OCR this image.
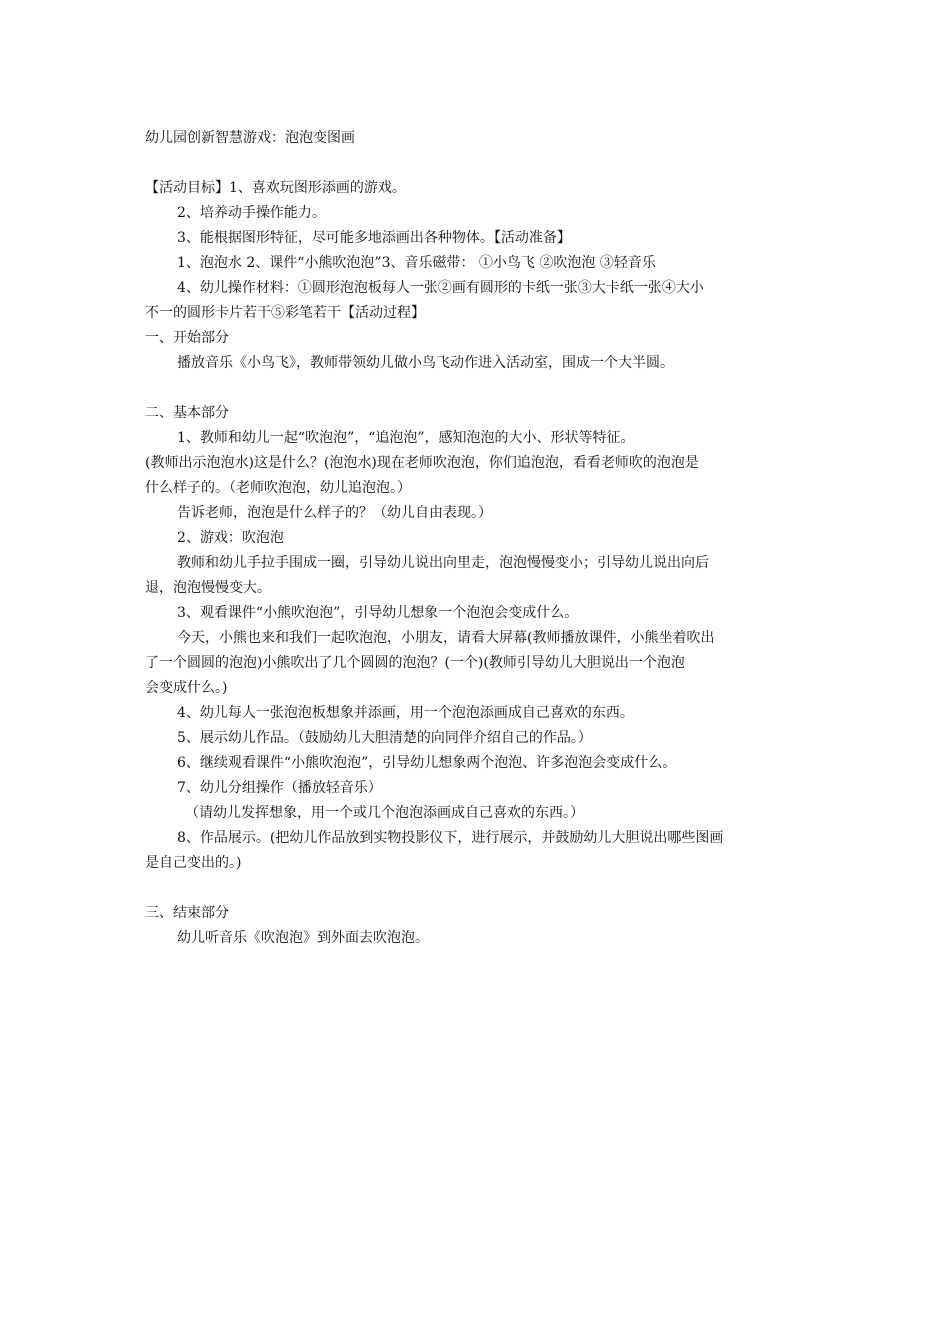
幼儿园创新智慧游戏：泡泡变图画
【活动目标】1、喜欢玩图形添画的游戏。
2、培养动手操作能力。
3、能根据图形特征，尽可能多地添画出各种物体。【活动准备】
1、泡泡水 2、课件“小熊吹泡泡”3、音乐磁带： ①小鸟飞 ②吹泡泡 ③轻音乐
4、幼儿操作材料：①圆形泡泡板每人一张②画有圆形的卡纸一张③大卡纸一张④大小
不一的圆形卡片若干⑤彩笔若干【活动过程】
一、开始部分
播放音乐《小鸟飞》，教师带领幼儿做小鸟飞动作进入活动室，围成一个大半圆。
二、基本部分
1、教师和幼儿一起“吹泡泡”，“追泡泡”，感知泡泡的大小、形状等特征。
(教师出示泡泡水)这是什么？(泡泡水)现在老师吹泡泡，你们追泡泡，看看老师吹的泡泡是
什么样子的。（老师吹泡泡，幼儿追泡泡。）
告诉老师，泡泡是什么样子的？（幼儿自由表现。）
2、游戏：吹泡泡
教师和幼儿手拉手围成一圈，引导幼儿说出向里走，泡泡慢慢变小；引导幼儿说出向后
退，泡泡慢慢变大。
3、观看课件“小熊吹泡泡”，引导幼儿想象一个泡泡会变成什么。
今天，小熊也来和我们一起吹泡泡，小朋友，请看大屏幕(教师播放课件，小熊坐着吹出
了一个圆圆的泡泡)小熊吹出了几个圆圆的泡泡？(一个)(教师引导幼儿大胆说出一个泡泡
会变成什么。)
4、幼儿每人一张泡泡板想象并添画，用一个泡泡添画成自己喜欢的东西。
5、展示幼儿作品。（鼓励幼儿大胆清楚的向同伴介绍自己的作品。）
6、继续观看课件“小熊吹泡泡”，引导幼儿想象两个泡泡、许多泡泡会变成什么。
7、幼儿分组操作（播放轻音乐）
（请幼儿发挥想象，用一个或几个泡泡添画成自己喜欢的东西。）
8、作品展示。(把幼儿作品放到实物投影仪下，进行展示，并鼓励幼儿大胆说出哪些图画
是自己变出的。)
三、结束部分
幼儿听音乐《吹泡泡》到外面去吹泡泡。
